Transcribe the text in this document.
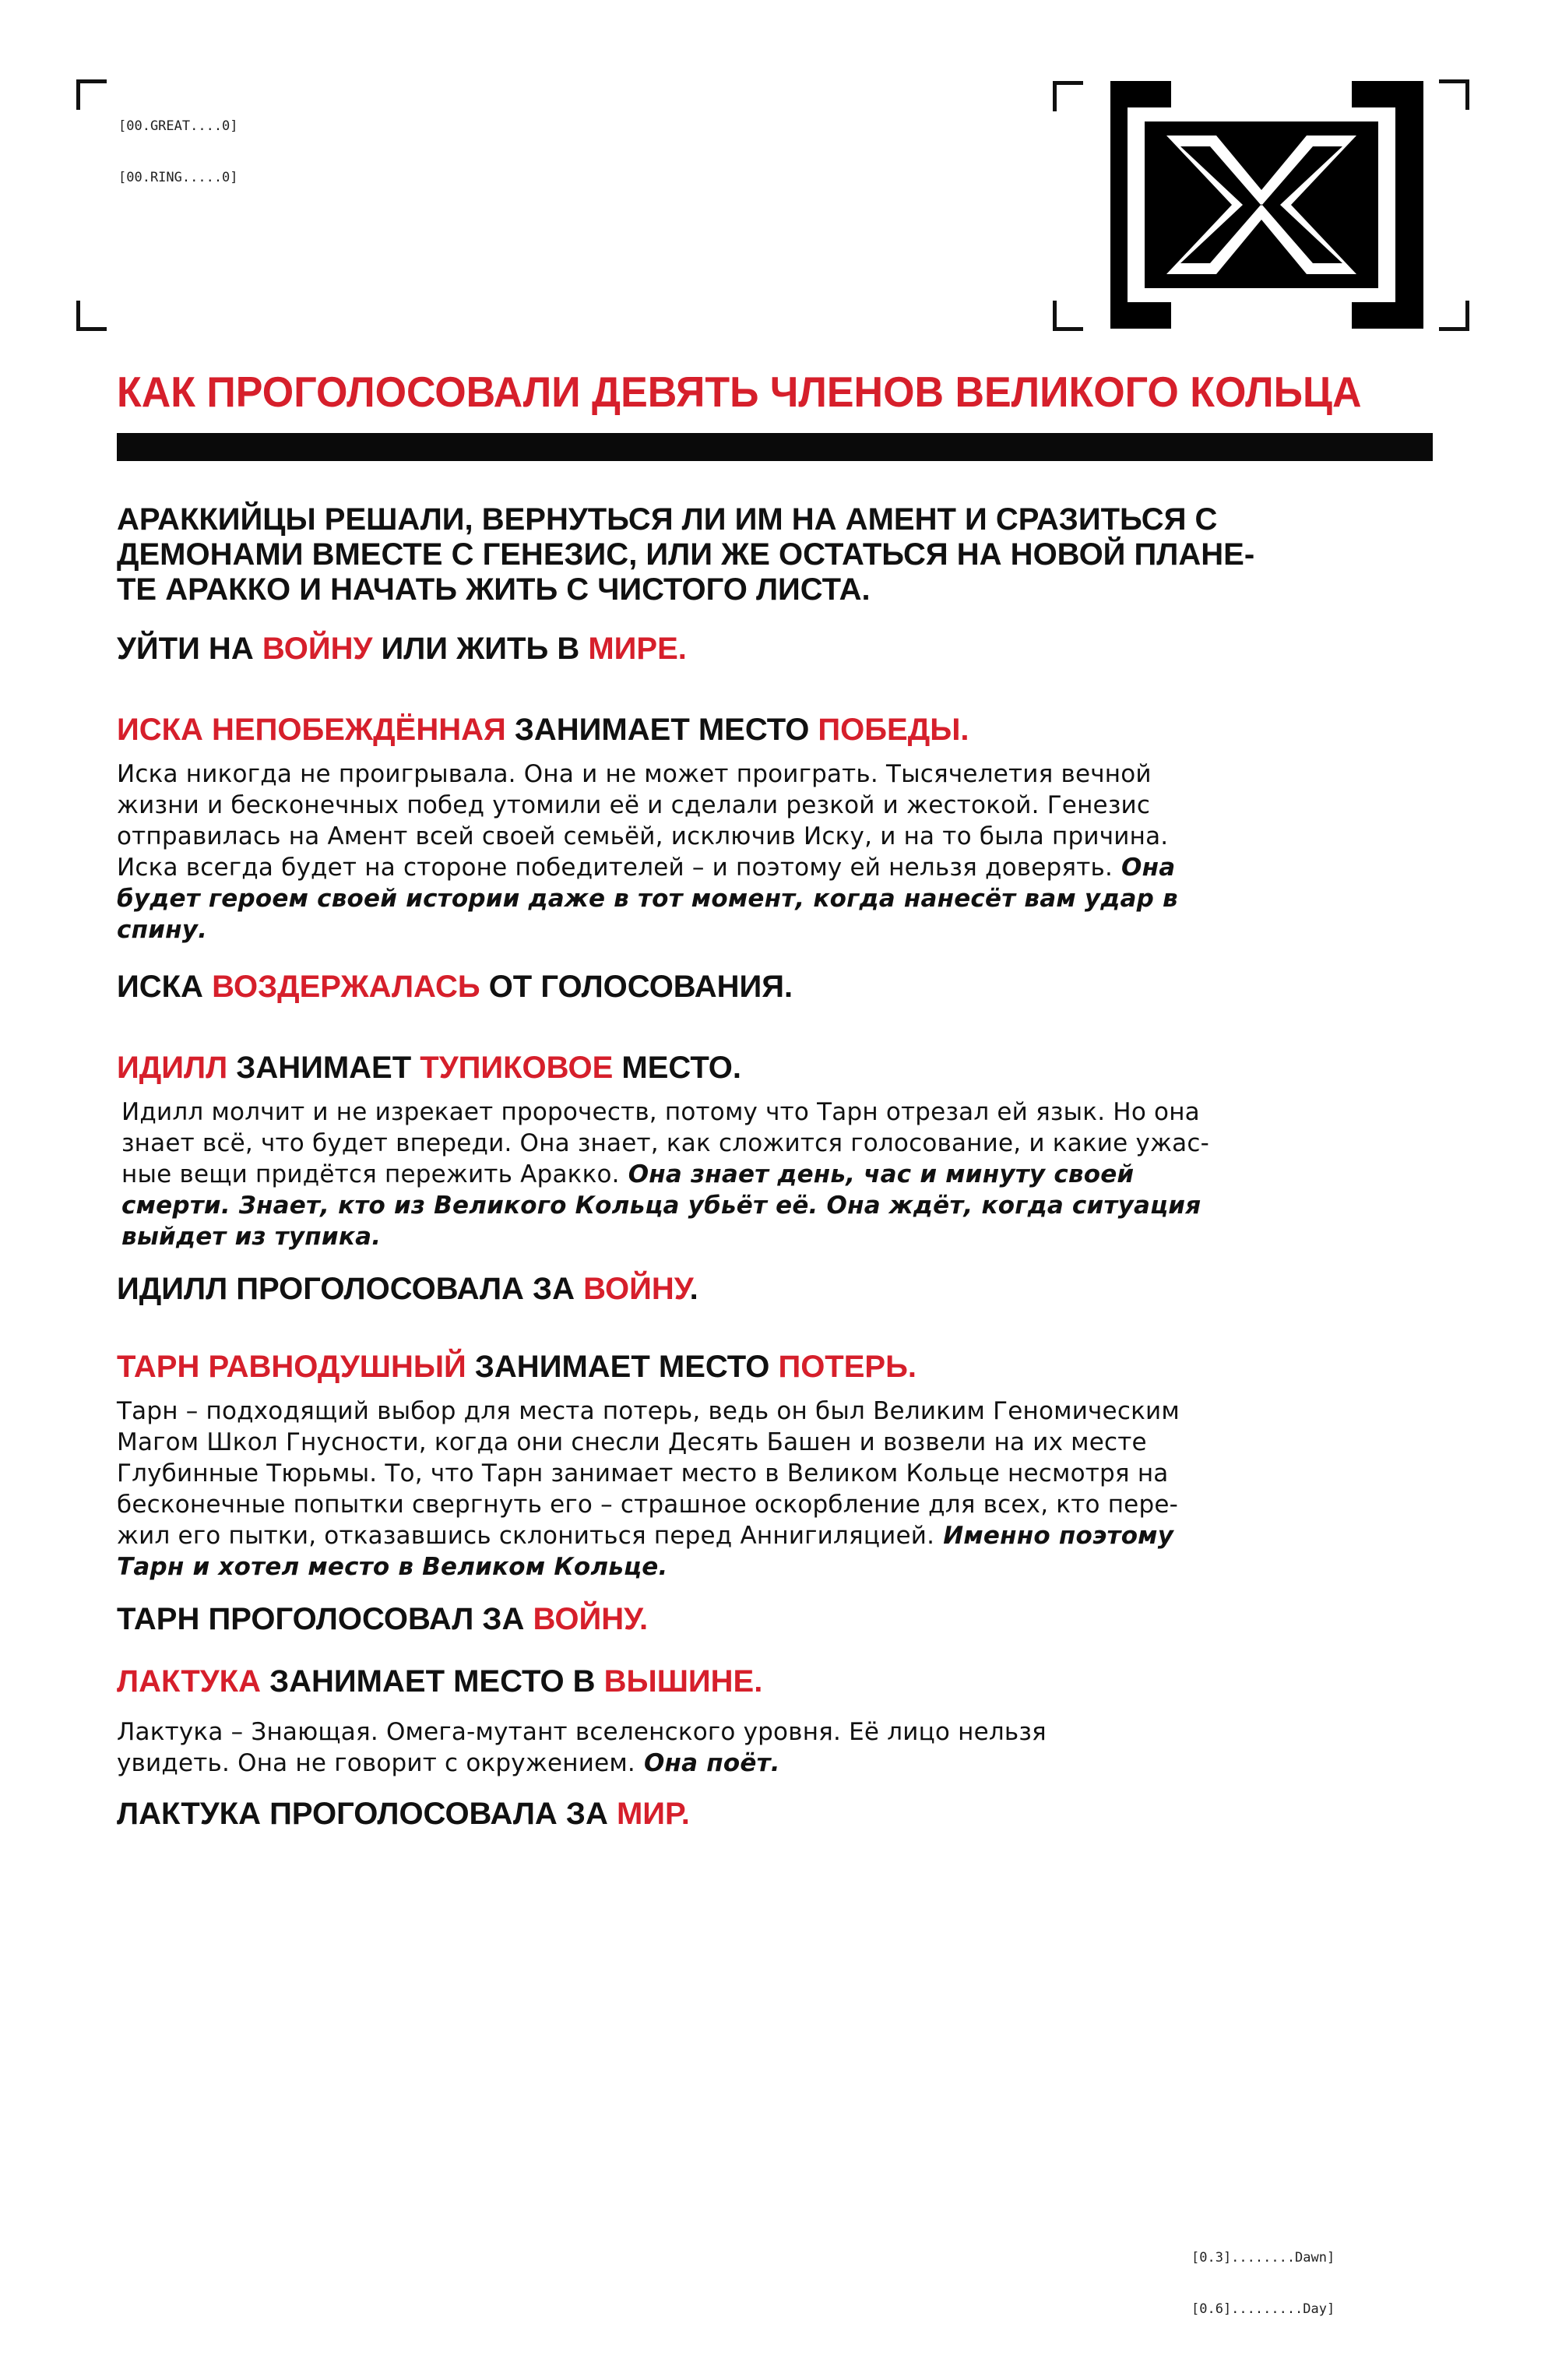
[00.GREAT....0]

[00.RING.....0]

КАК ПРОГОЛОСОВАЛИ ДЕВЯТЬ ЧЛЕНОВ ВЕЛИКОГО КОЛЬЦА

АРАККИЙЦЫ РЕШАЛИ, ВЕРНУТЬСЯ ЛИ ИМ НА АМЕНТ И СРАЗИТЬСЯ С
ДЕМОНАМИ ВМЕСТЕ С ГЕНЕЗИС, ИЛИ ЖЕ ОСТАТЬСЯ НА НОВОЙ ПЛАНЕ-
ТЕ АРАККО И НАЧАТЬ ЖИТЬ С ЧИСТОГО ЛИСТА.

УЙТИ НА ВОЙНУ ИЛИ ЖИТЬ В МИРЕ.

ИСКА НЕПОБЕЖДЁННАЯ ЗАНИМАЕТ МЕСТО ПОБЕДЫ.

Иска никогда не проигрывала. Она и не может проиграть. Тысячелетия вечной
жизни и бесконечных побед утомили её и сделали резкой и жестокой. Генезис
отправилась на Амент всей своей семьёй, исключив Иску, и на то была причина.
Иска всегда будет на стороне победителей – и поэтому ей нельзя доверять. Она
будет героем своей истории даже в тот момент, когда нанесёт вам удар в
спину.

ИСКА ВОЗДЕРЖАЛАСЬ ОТ ГОЛОСОВАНИЯ.

ИДИЛЛ ЗАНИМАЕТ ТУПИКОВОЕ МЕСТО.

Идилл молчит и не изрекает пророчеств, потому что Тарн отрезал ей язык. Но она
знает всё, что будет впереди. Она знает, как сложится голосование, и какие ужас-
ные вещи придётся пережить Аракко. Она знает день, час и минуту своей
смерти. Знает, кто из Великого Кольца убьёт её. Она ждёт, когда ситуация
выйдет из тупика.

ИДИЛЛ ПРОГОЛОСОВАЛА ЗА ВОЙНУ.

ТАРН РАВНОДУШНЫЙ ЗАНИМАЕТ МЕСТО ПОТЕРЬ.

Тарн – подходящий выбор для места потерь, ведь он был Великим Геномическим
Магом Школ Гнусности, когда они снесли Десять Башен и возвели на их месте
Глубинные Тюрьмы. То, что Тарн занимает место в Великом Кольце несмотря на
бесконечные попытки свергнуть его – страшное оскорбление для всех, кто пере-
жил его пытки, отказавшись склониться перед Аннигиляцией. Именно поэтому
Тарн и хотел место в Великом Кольце.

ТАРН ПРОГОЛОСОВАЛ ЗА ВОЙНУ.

ЛАКТУКА ЗАНИМАЕТ МЕСТО В ВЫШИНЕ.

Лактука – Знающая. Омега-мутант вселенского уровня. Её лицо нельзя
увидеть. Она не говорит с окружением. Она поёт.

ЛАКТУКА ПРОГОЛОСОВАЛА ЗА МИР.

[0.3]........Dawn]

[0.6].........Day]
